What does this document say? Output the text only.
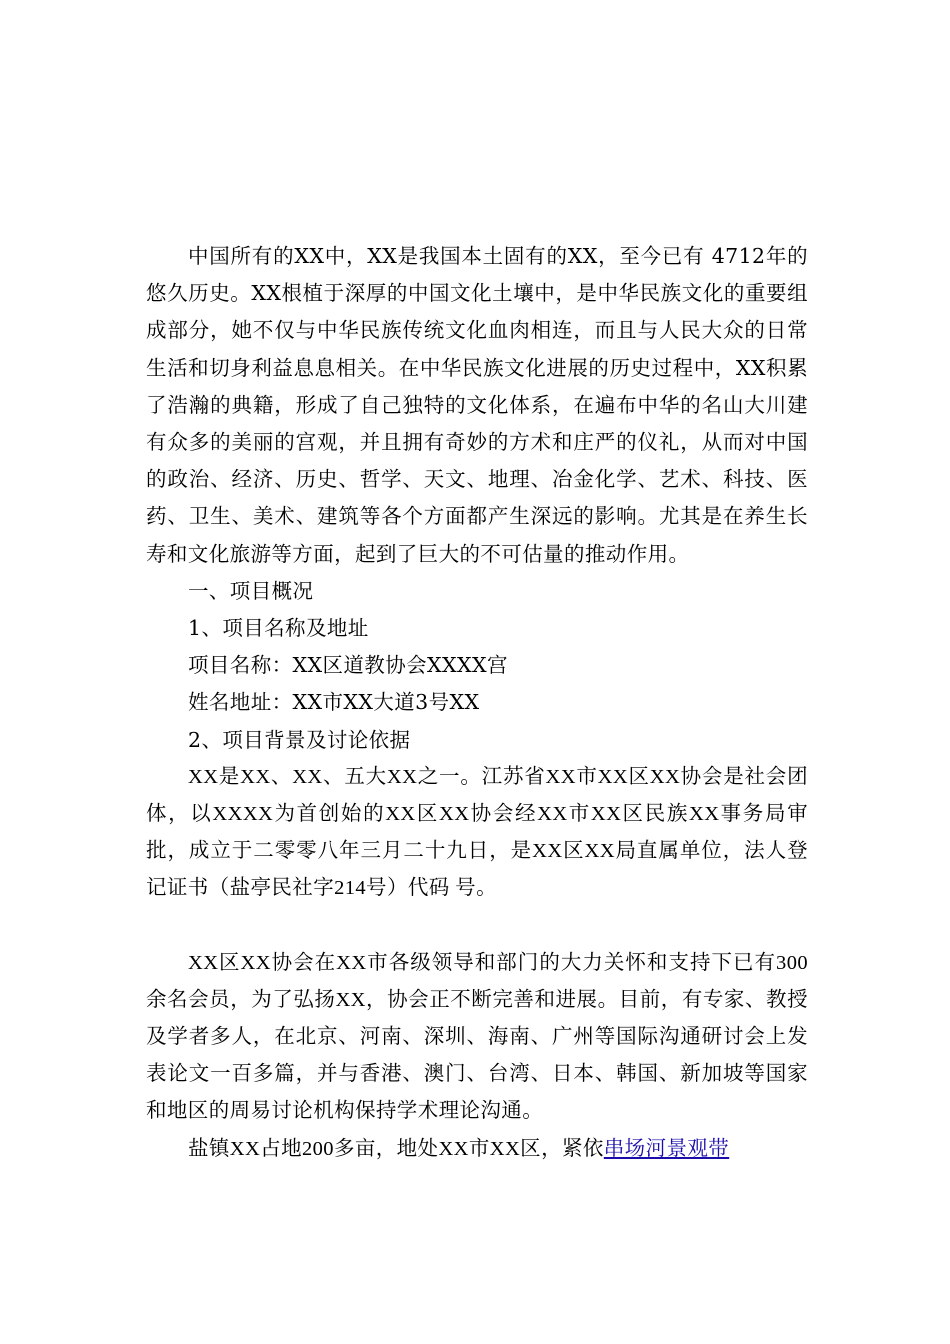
中国所有的XX中，XX是我国本土固有的XX，至今已有 4712年的悠久历史。XX根植于深厚的中国文化土壤中，是中华民族文化的重要组成部分，她不仅与中华民族传统文化血肉相连，而且与人民大众的日常生活和切身利益息息相关。在中华民族文化进展的历史过程中，XX积累了浩瀚的典籍，形成了自己独特的文化体系，在遍布中华的名山大川建有众多的美丽的宫观，并且拥有奇妙的方术和庄严的仪礼，从而对中国的政治、经济、历史、哲学、天文、地理、冶金化学、艺术、科技、医药、卫生、美术、建筑等各个方面都产生深远的影响。尤其是在养生长寿和文化旅游等方面，起到了巨大的不可估量的推动作用。

一、项目概况

1、项目名称及地址

项目名称：XX区道教协会XXXX宫

姓名地址：XX市XX大道3号XX

2、项目背景及讨论依据

XX是XX、XX、五大XX之一。江苏省XX市XX区XX协会是社会团体，以XXXX为首创始的XX区XX协会经XX市XX区民族XX事务局审批，成立于二零零八年三月二十九日，是XX区XX局直属单位，法人登记证书（盐亭民社字214号）代码 号。

XX区XX协会在XX市各级领导和部门的大力关怀和支持下已有300余名会员，为了弘扬XX，协会正不断完善和进展。目前，有专家、教授及学者多人，在北京、河南、深圳、海南、广州等国际沟通研讨会上发表论文一百多篇，并与香港、澳门、台湾、日本、韩国、新加坡等国家和地区的周易讨论机构保持学术理论沟通。

盐镇XX占地200多亩，地处XX市XX区，紧依串场河景观带
